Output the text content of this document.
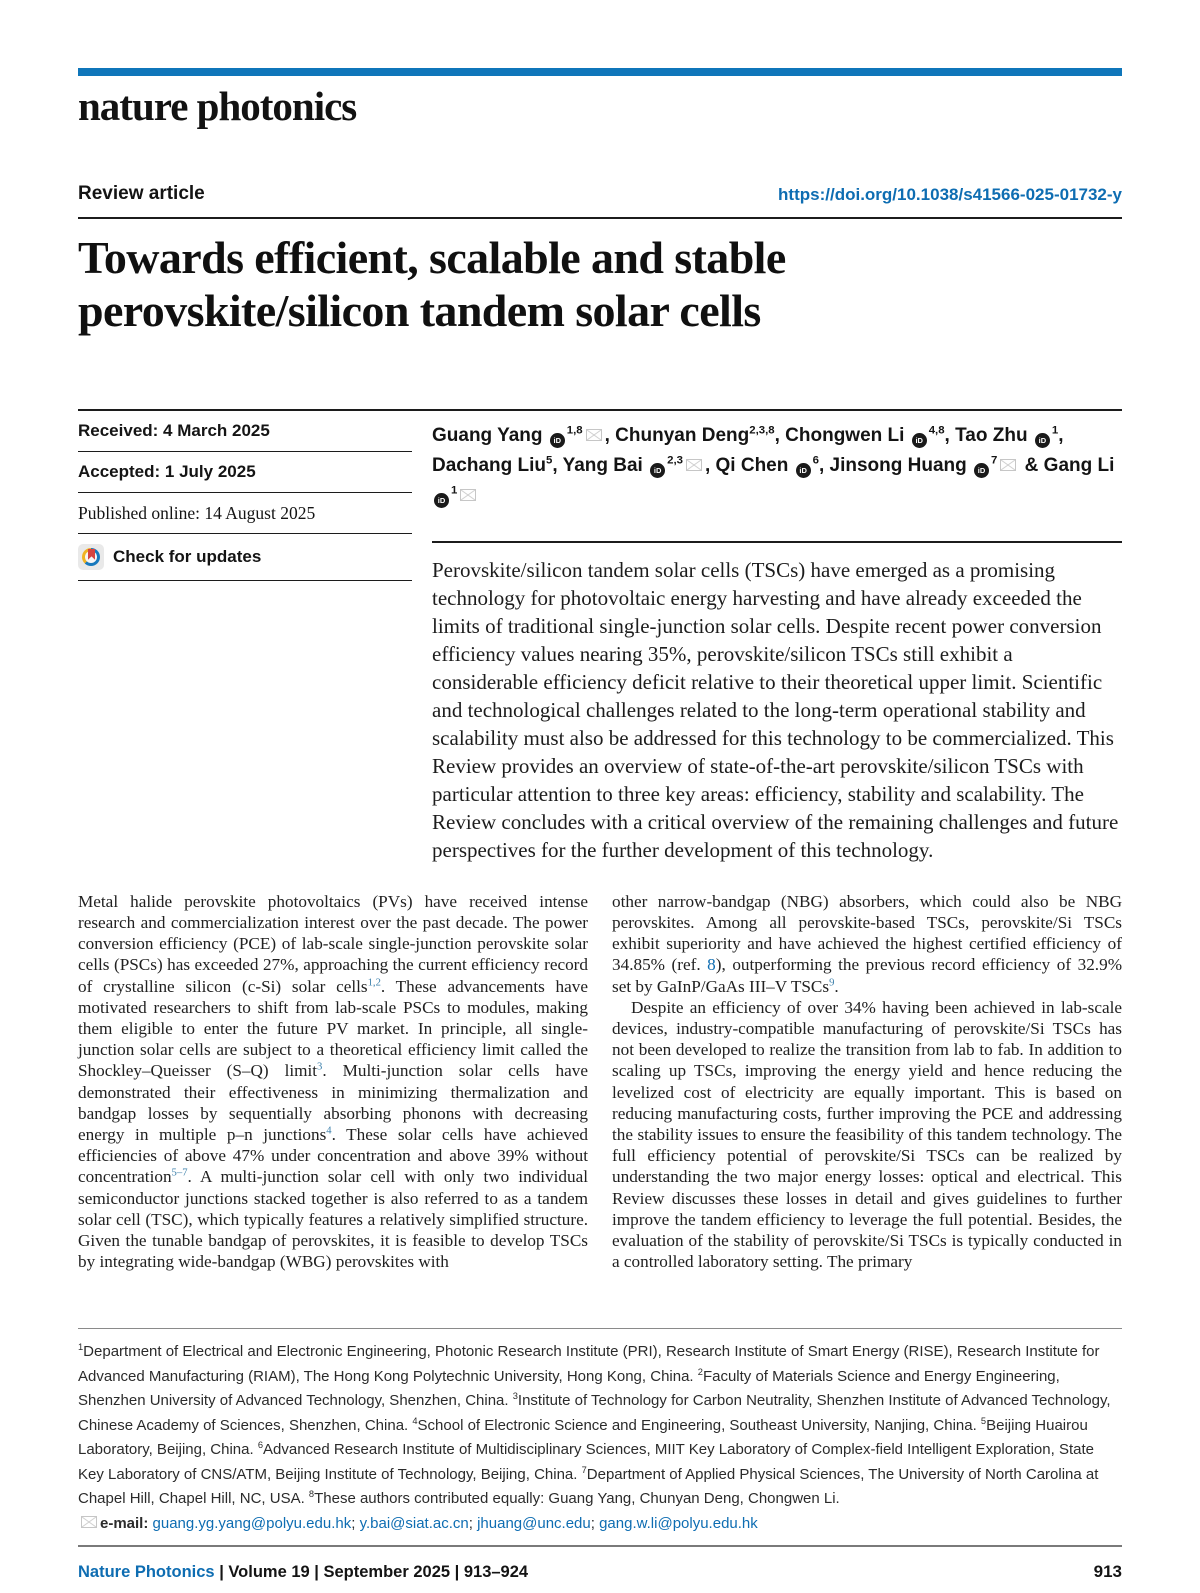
nature photonics
Review article	https://doi.org/10.1038/s41566-025-01732-y
Towards efficient, scalable and stable
perovskite/silicon tandem solar cells
Received: 4 March 2025
Accepted: 1 July 2025
Published online: 14 August 2025
Check for updates
Guang Yang iD$^{1,8}$ , Chunyan Deng$^{2,3,8}$, Chongwen Li iD$^{4,8}$, Tao Zhu $iD^1$,
Dachang Liu$^5$, Yang Bai iD$^{2,3}$ , Qi Chen $iD^6$, Jinsong Huang $iD^7$ & Gang Li $iD^1$
Perovskite/silicon tandem solar cells (TSCs) have emerged as a promising technology for photovoltaic energy harvesting and have already exceeded the limits of traditional single-junction solar cells. Despite recent power conversion efficiency values nearing 35%, perovskite/silicon TSCs still exhibit a considerable efficiency deficit relative to their theoretical upper limit. Scientific and technological challenges related to the long-term operational stability and scalability must also be addressed for this technology to be commercialized. This Review provides an overview of state-of-the-art perovskite/silicon TSCs with particular attention to three key areas: efficiency, stability and scalability. The Review concludes with a critical overview of the remaining challenges and future perspectives for the further development of this technology.

Metal halide perovskite photovoltaics (PVs) have received intense research and commercialization interest over the past decade. The power conversion efficiency (PCE) of lab-scale single-junction perovskite solar cells (PSCs) has exceeded 27%, approaching the current efficiency record of crystalline silicon (c-Si) solar cells$^{1,2}$. These advancements have motivated researchers to shift from lab-scale PSCs to modules, making them eligible to enter the future PV market. In principle, all single-junction solar cells are subject to a theoretical efficiency limit called the Shockley–Queisser (S–Q) limit$^3$. Multi-junction solar cells have demonstrated their effectiveness in minimizing thermalization and bandgap losses by sequentially absorbing phonons with decreasing energy in multiple p–n junctions$^4$. These solar cells have achieved efficiencies of above 47% under concentration and above 39% without concentration$^{5-7}$. A multi-junction solar cell with only two individual semiconductor junctions stacked together is also referred to as a tandem solar cell (TSC), which typically features a relatively simplified structure. Given the tunable bandgap of perovskites, it is feasible to develop TSCs by integrating wide-bandgap (WBG) perovskites with

other narrow-bandgap (NBG) absorbers, which could also be NBG perovskites. Among all perovskite-based TSCs, perovskite/Si TSCs exhibit superiority and have achieved the highest certified efficiency of 34.85% (ref. 8), outperforming the previous record efficiency of 32.9% set by GaInP/GaAs III–V TSCs$^9$.

Despite an efficiency of over 34% having been achieved in lab-scale devices, industry-compatible manufacturing of perovskite/Si TSCs has not been developed to realize the transition from lab to fab. In addition to scaling up TSCs, improving the energy yield and hence reducing the levelized cost of electricity are equally important. This is based on reducing manufacturing costs, further improving the PCE and addressing the stability issues to ensure the feasibility of this tandem technology. The full efficiency potential of perovskite/Si TSCs can be realized by understanding the two major energy losses: optical and electrical. This Review discusses these losses in detail and gives guidelines to further improve the tandem efficiency to leverage the full potential. Besides, the evaluation of the stability of perovskite/Si TSCs is typically conducted in a controlled laboratory setting. The primary

$^1$Department of Electrical and Electronic Engineering, Photonic Research Institute (PRI), Research Institute of Smart Energy (RISE), Research Institute for Advanced Manufacturing (RIAM), The Hong Kong Polytechnic University, Hong Kong, China. $^2$Faculty of Materials Science and Energy Engineering, Shenzhen University of Advanced Technology, Shenzhen, China. $^3$Institute of Technology for Carbon Neutrality, Shenzhen Institute of Advanced Technology, Chinese Academy of Sciences, Shenzhen, China. $^4$School of Electronic Science and Engineering, Southeast University, Nanjing, China. $^5$Beijing Huairou Laboratory, Beijing, China. $^6$Advanced Research Institute of Multidisciplinary Sciences, MIIT Key Laboratory of Complex-field Intelligent Exploration, State Key Laboratory of CNS/ATM, Beijing Institute of Technology, Beijing, China. $^7$Department of Applied Physical Sciences, The University of North Carolina at Chapel Hill, Chapel Hill, NC, USA. $^8$These authors contributed equally: Guang Yang, Chunyan Deng, Chongwen Li.
e-mail: guang.yg.yang@polyu.edu.hk; y.bai@siat.ac.cn; jhuang@unc.edu; gang.w.li@polyu.edu.hk
Nature Photonics | Volume 19 | September 2025 | 913–924	913
